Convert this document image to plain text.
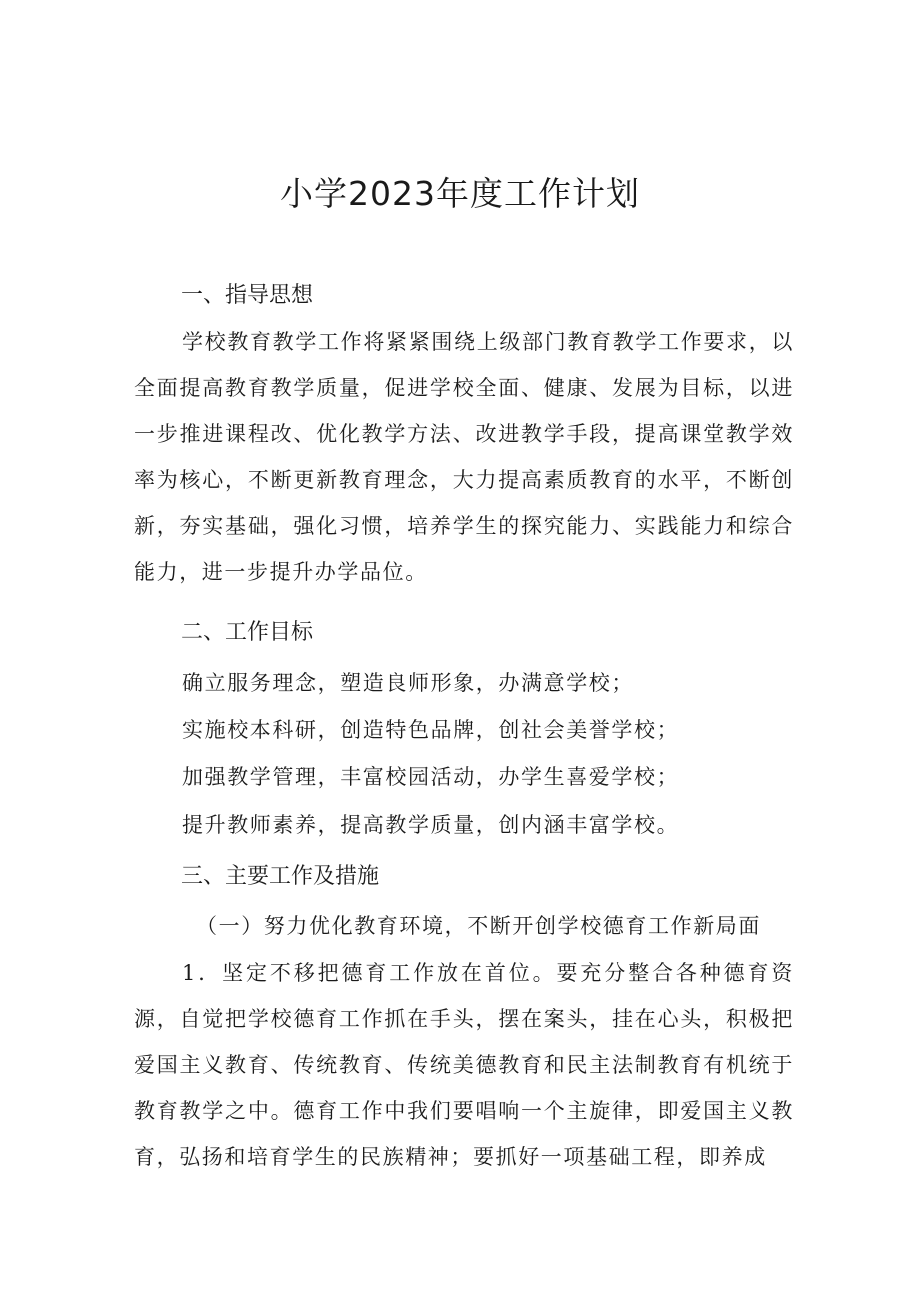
小学2023年度工作计划
一、指导思想
学校教育教学工作将紧紧围绕上级部门教育教学工作要求，以全面提高教育教学质量，促进学校全面、健康、发展为目标，以进一步推进课程改、优化教学方法、改进教学手段，提高课堂教学效率为核心，不断更新教育理念，大力提高素质教育的水平，不断创新，夯实基础，强化习惯，培养学生的探究能力、实践能力和综合能力，进一步提升办学品位。
二、工作目标
确立服务理念，塑造良师形象，办满意学校；
实施校本科研，创造特色品牌，创社会美誉学校；
加强教学管理，丰富校园活动，办学生喜爱学校；
提升教师素养，提高教学质量，创内涵丰富学校。
三、主要工作及措施
（一）努力优化教育环境，不断开创学校德育工作新局面
1．坚定不移把德育工作放在首位。要充分整合各种德育资源，自觉把学校德育工作抓在手头，摆在案头，挂在心头，积极把爱国主义教育、传统教育、传统美德教育和民主法制教育有机统于教育教学之中。德育工作中我们要唱响一个主旋律，即爱国主义教育，弘扬和培育学生的民族精神；要抓好一项基础工程，即养成
